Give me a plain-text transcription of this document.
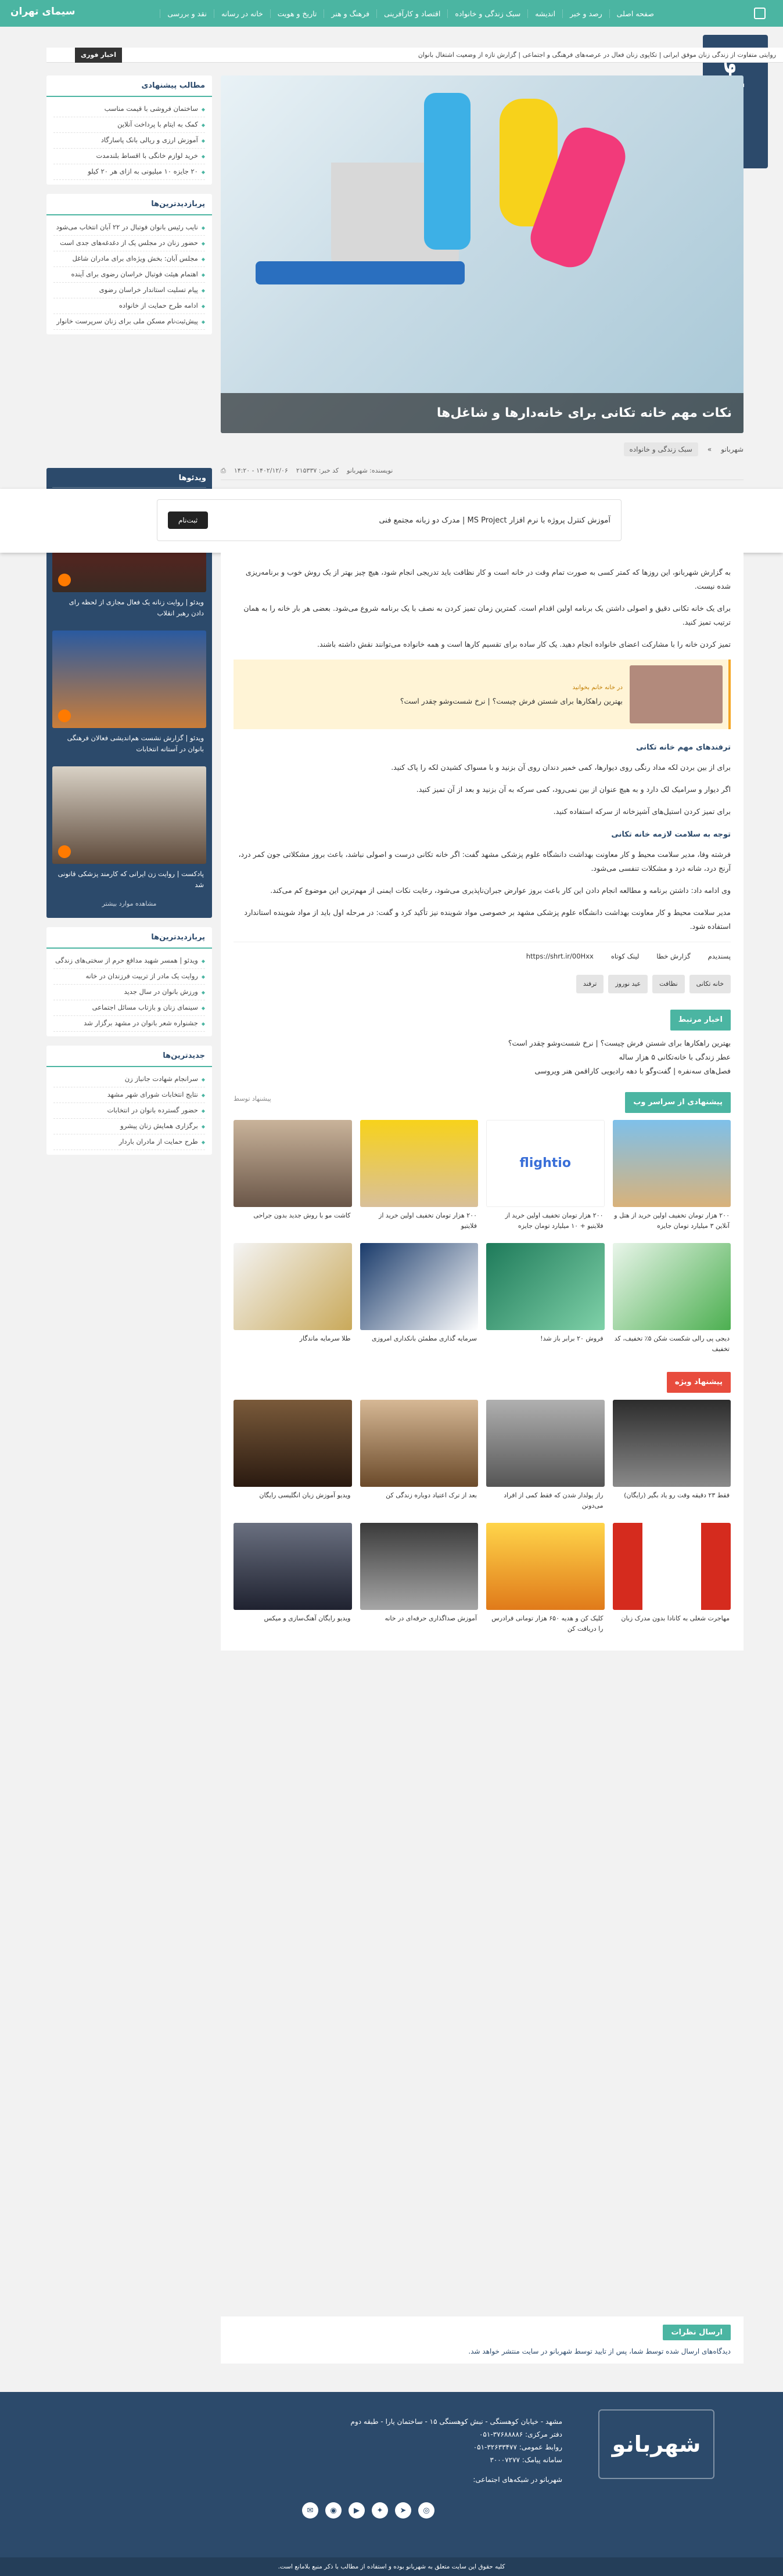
صفحه اصلی
رصد و خبر
اندیشه
سبک زندگی و خانواده
اقتصاد و کارآفرینی
فرهنگ و هنر
تاریخ و هویت
خانه در رسانه
نقد و بررسی
سیمای تهران
اخبار فوری	روایتی متفاوت از زندگی زنان موفق ایرانی | تکاپوی زنان فعال در عرصه‌های فرهنگی و اجتماعی | گزارش تازه از وضعیت اشتغال بانوان
مطالب پیشنهادی
◆ ساختمان فروشی با قیمت مناسب
◆ کمک به ایتام با پرداخت آنلاین
◆ آموزش ارزی و ریالی بانک پاسارگاد
◆ خرید لوازم خانگی با اقساط بلندمدت
◆ ۲۰ جایزه ۱۰ میلیونی به ازای هر ۲۰ کیلو
پربازدیدترین‌ها
◆ نایب رئیس بانوان فوتبال در ۲۲ آبان انتخاب می‌شود
◆ حضور زنان در مجلس یک از دغدغه‌های جدی است
◆ مجلس آبان: بخش ویژه‌ای برای مادران شاغل
◆ اهتمام هیئت فوتبال خراسان رضوی برای آینده
◆ پیام تسلیت استاندار خراسان رضوی
◆ ادامه طرح حمایت از خانواده
◆ پیش‌ثبت‌نام مسکن ملی برای زنان سرپرست خانوار
ویدئو‌ها
ویدئو | روایت زنانه یک فعال مجازی از لحظه رای دادن رهبر انقلاب
ویدئو | گزارش نشست هم‌اندیشی فعالان فرهنگی بانوان در آستانه انتخابات
پادکست | روایت زن ایرانی که کارمند پزشکی قانونی شد
مشاهده موارد بیشتر
پربازدیدترین‌ها
◆ ویدئو | همسر شهید مدافع حرم از سختی‌های زندگی
◆ روایت یک مادر از تربیت فرزندان در خانه
◆ ورزش بانوان در سال جدید
◆ سینمای زنان و بازتاب مسائل اجتماعی
◆ جشنواره شعر بانوان در مشهد برگزار شد
جدیدترین‌ها
◆ سرانجام شهادت جانباز زن
◆ نتایج انتخابات شورای شهر مشهد
◆ حضور گسترده بانوان در انتخابات
◆ برگزاری همایش زنان پیشرو
◆ طرح حمایت از مادران باردار
نکات مهم خانه تکانی برای خانه‌دارها و شاغل‌ها
شهربانو
»
سبک زندگی و خانواده
نویسنده: شهربانو
کد خبر: ۲۱۵۳۳۷
۱۴۰۲/۱۲/۰۶ - ۱۴:۲۰
⎙
آموزش کنترل پروژه با نرم افزار MS Project | مدرک دو زبانه مجتمع فنی
ثبت‌نام

به گزارش شهربانو، این روزها که کمتر کسی به صورت تمام وقت در خانه است و کار نظافت باید تدریجی انجام شود، هیچ چیز بهتر از یک روش خوب و برنامه‌ریزی شده نیست.

برای یک خانه تکانی دقیق و اصولی داشتن یک برنامه اولین اقدام است. کمترین زمان تمیز کردن به نصف با یک برنامه شروع می‌شود. بعضی هر بار خانه را به همان ترتیب تمیز کنید.

تمیز کردن خانه را با مشارکت اعضای خانواده انجام دهید. یک کار ساده برای تقسیم کارها است و همه خانواده می‌توانند نقش داشته باشند.

در خانه خانم بخوانید
بهترین راهکارها برای شستن فرش چیست؟ | نرخ شست‌وشو چقدر است؟
ترفندهای مهم خانه تکانی

برای از بین بردن لکه مداد رنگی روی دیوارها، کمی خمیر دندان روی آن بزنید و با مسواک کشیدن لکه را پاک کنید.

اگر دیوار و سرامیک لک دارد و به هیچ عنوان از بین نمی‌رود، کمی سرکه به آن بزنید و بعد از آن تمیز کنید.

برای تمیز کردن استیل‌های آشپزخانه از سرکه استفاده کنید.

توجه به سلامت لازمه خانه تکانی

فرشته وفا، مدیر سلامت محیط و کار معاونت بهداشت دانشگاه علوم پزشکی مشهد گفت: اگر خانه تکانی درست و اصولی نباشد، باعث بروز مشکلاتی جون کمر درد، آرنج درد، شانه درد و مشکلات تنفسی می‌شود.

وی ادامه داد: داشتن برنامه و مطالعه انجام دادن این کار باعث بروز عوارض جبران‌ناپذیری می‌شود، رعایت نکات ایمنی از مهم‌ترین این موضوع کم می‌کند.

مدیر سلامت محیط و کار معاونت بهداشت دانشگاه علوم پزشکی مشهد بر خصوصی مواد شوینده نیز تأکید کرد و گفت: در مرحله اول باید از مواد شوینده استاندارد استفاده شود.

پسندیدم
گزارش خطا
لینک کوتاه
https://shrt.ir/00Hxx
خانه تکانی
نظافت
عید نوروز
ترفند
اخبار مرتبط
بهترین راهکارها برای شستن فرش چیست؟ | نرخ شست‌وشو چقدر است؟
عطر زندگی با خانه‌تکانی ۵ هزار ساله
فصل‌های سه‌نفره | گفت‌وگو با دهه رادیویی کاراقمن هنر ویروسی
پیشنهادی از سراسر وب
پیشنهاد توسط
۲۰۰ هزار تومان تخفیف اولین خرید از هتل و آنلاین ۳ میلیارد تومان جایزه
flightio
۲۰۰ هزار تومان تخفیف اولین خرید از فلایتیو + ۱۰ میلیارد تومان جایزه
۲۰۰ هزار تومان تخفیف اولین خرید از فلایتیو
کاشت مو با روش جدید بدون جراحی
دیجی پی رالی شکست شکن ۵٪ تخفیف، کد تخفیف
فروش ۲۰ برابر باز شد!
سرمایه گذاری مطمئن بانکداری امروزی
طلا سرمایه ماندگار
پیشنهاد ویژه
فقط ۲۳ دقیقه وقت رو یاد بگیر (رایگان)
راز پولدار شدن که فقط کمی از افراد می‌دونن
بعد از ترک اعتیاد دوباره زندگی کن
ویدیو آموزش زبان انگلیسی رایگان
مهاجرت شغلی به کانادا بدون مدرک زبان
کلیک کن و هدیه ۶۵۰ هزار تومانی فرادرس را دریافت کن
آموزش صداگذاری حرفه‌ای در خانه
ویدیو رایگان آهنگ‌سازی و میکس
ارسال نظرات

دیدگاه‌های ارسال شده توسط شما، پس از تایید توسط شهربانو در سایت منتشر خواهد شد.

شهربانو
مشهد - خیابان کوهسنگی - نبش کوهسنگی ۱۵ - ساختمان یارا - طبقه دوم
دفتر مرکزی: ۳۷۶۸۸۸۸۶-۰۵۱
روابط عمومی: ۳۲۶۳۳۴۷۷-۰۵۱
سامانه پیامک: ۳۰۰۰۷۲۷۷
شهربانو در شبکه‌های اجتماعی:
◎
➤
✦
▶
◉
✉
کلیه حقوق این سایت متعلق به شهربانو بوده و استفاده از مطالب با ذکر منبع بلامانع است.
